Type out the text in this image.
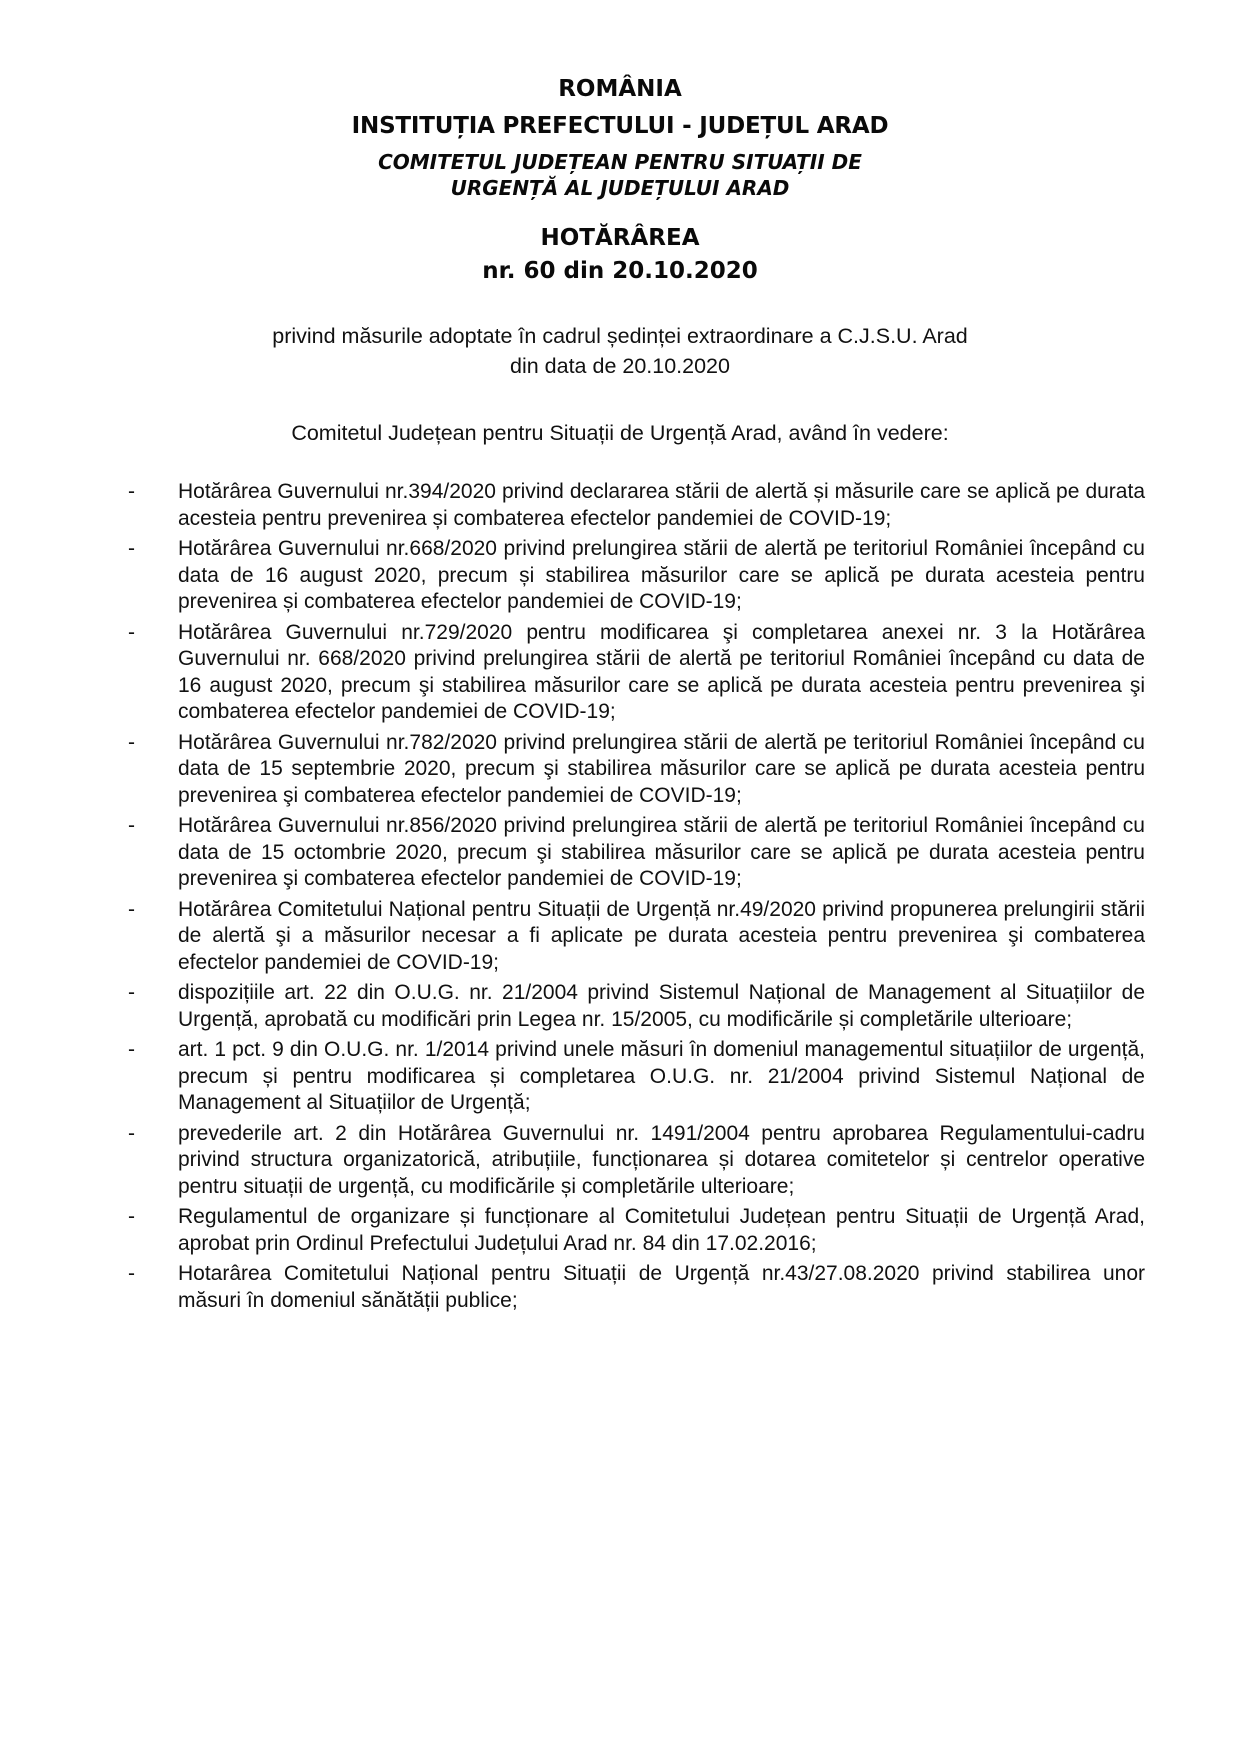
ROMÂNIA
INSTITUȚIA PREFECTULUI - JUDEȚUL ARAD
COMITETUL JUDEȚEAN PENTRU SITUAȚII DE
URGENȚĂ AL JUDEȚULUI ARAD
HOTĂRÂREA
nr. 60 din 20.10.2020
privind măsurile adoptate în cadrul ședinței extraordinare a C.J.S.U. Arad
din data de 20.10.2020
Comitetul Județean pentru Situații de Urgență Arad, având în vedere:
-	Hotărârea Guvernului nr.394/2020 privind declararea stării de alertă și măsurile care se aplică pe durata acesteia pentru prevenirea și combaterea efectelor pandemiei de COVID-19;
-	Hotărârea Guvernului nr.668/2020 privind prelungirea stării de alertă pe teritoriul României începând cu data de 16 august 2020, precum și stabilirea măsurilor care se aplică pe durata acesteia pentru prevenirea și combaterea efectelor pandemiei de COVID-19;
-	Hotărârea Guvernului nr.729/2020 pentru modificarea şi completarea anexei nr. 3 la Hotărârea Guvernului nr. 668/2020 privind prelungirea stării de alertă pe teritoriul României începând cu data de 16 august 2020, precum şi stabilirea măsurilor care se aplică pe durata acesteia pentru prevenirea şi combaterea efectelor pandemiei de COVID-19;
-	Hotărârea Guvernului nr.782/2020 privind prelungirea stării de alertă pe teritoriul României începând cu data de 15 septembrie 2020, precum şi stabilirea măsurilor care se aplică pe durata acesteia pentru prevenirea şi combaterea efectelor pandemiei de COVID-19;
-	Hotărârea Guvernului nr.856/2020 privind prelungirea stării de alertă pe teritoriul României începând cu data de 15 octombrie 2020, precum şi stabilirea măsurilor care se aplică pe durata acesteia pentru prevenirea şi combaterea efectelor pandemiei de COVID-19;
-	Hotărârea Comitetului Național pentru Situații de Urgență nr.49/2020 privind propunerea prelungirii stării de alertă şi a măsurilor necesar a fi aplicate pe durata acesteia pentru prevenirea şi combaterea efectelor pandemiei de COVID-19;
-	dispozițiile art. 22 din O.U.G. nr. 21/2004 privind Sistemul Național de Management al Situațiilor de Urgență, aprobată cu modificări prin Legea nr. 15/2005, cu modificările și completările ulterioare;
-	art. 1 pct. 9 din O.U.G. nr. 1/2014 privind unele măsuri în domeniul managementul situațiilor de urgență, precum și pentru modificarea și completarea O.U.G. nr. 21/2004 privind Sistemul Național de Management al Situațiilor de Urgență;
-	prevederile art. 2 din Hotărârea Guvernului nr. 1491/2004 pentru aprobarea Regulamentului-cadru privind structura organizatorică, atribuțiile, funcționarea și dotarea comitetelor și centrelor operative pentru situații de urgență, cu modificările și completările ulterioare;
-	Regulamentul de organizare și funcționare al Comitetului Județean pentru Situații de Urgență Arad, aprobat prin Ordinul Prefectului Județului Arad nr. 84 din 17.02.2016;
-	Hotarârea Comitetului Național pentru Situații de Urgență nr.43/27.08.2020 privind stabilirea unor măsuri în domeniul sănătății publice;
